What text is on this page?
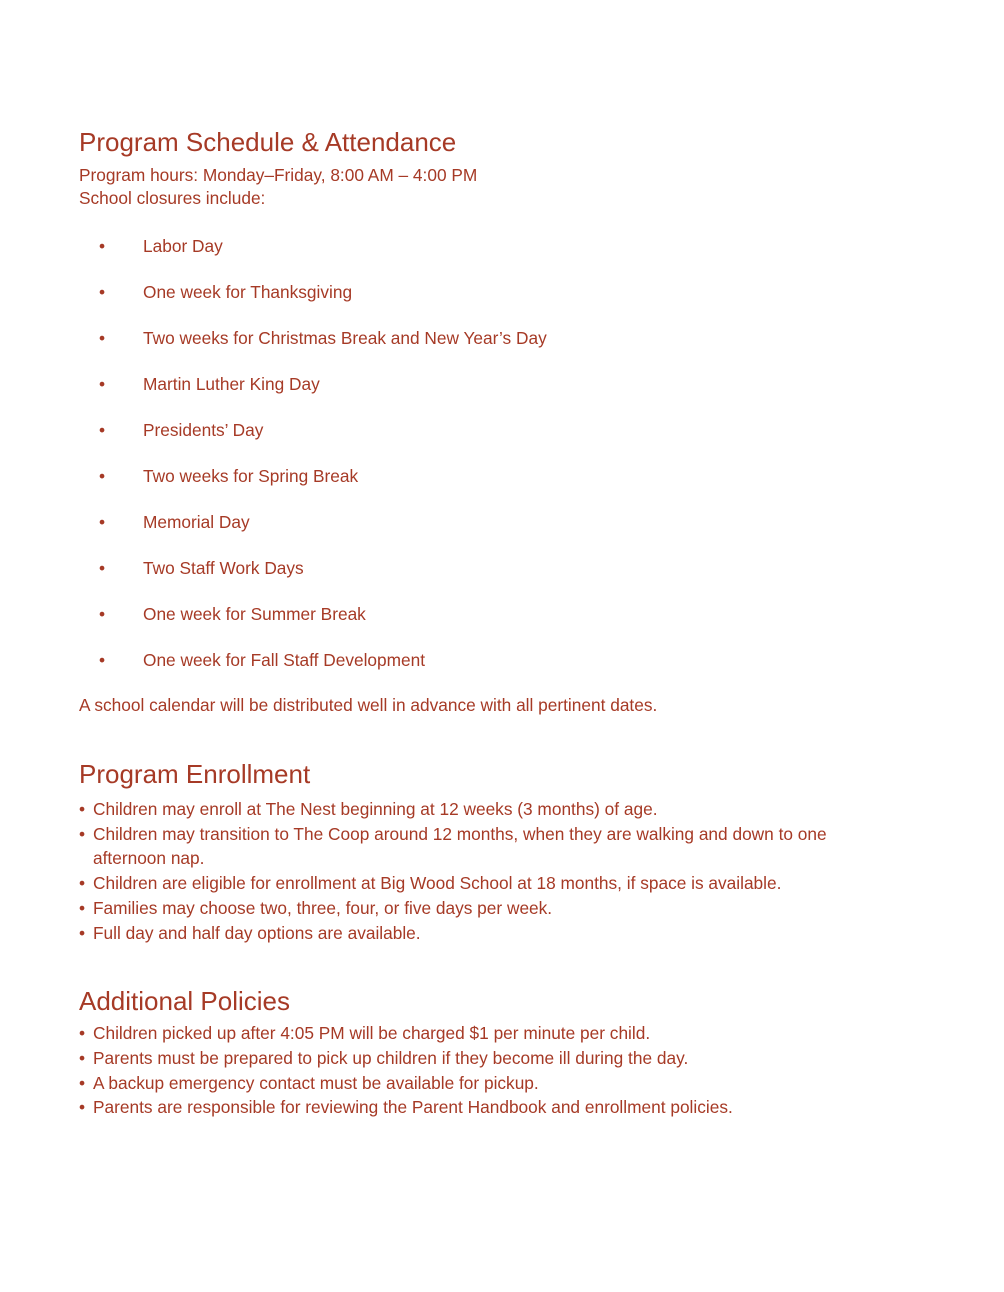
Program Schedule & Attendance

Program hours: Monday–Friday, 8:00 AM – 4:00 PM

School closures include:

•
Labor Day
•
One week for Thanksgiving
•
Two weeks for Christmas Break and New Year’s Day
•
Martin Luther King Day
•
Presidents’ Day
•
Two weeks for Spring Break
•
Memorial Day
•
Two Staff Work Days
•
One week for Summer Break
•
One week for Fall Staff Development

A school calendar will be distributed well in advance with all pertinent dates.

Program Enrollment
•
Children may enroll at The Nest beginning at 12 weeks (3 months) of age.
•
Children may transition to The Coop around 12 months, when they are walking and down to one afternoon nap.
•
Children are eligible for enrollment at Big Wood School at 18 months, if space is available.
•
Families may choose two, three, four, or five days per week.
•
Full day and half day options are available.
Additional Policies
•
Children picked up after 4:05 PM will be charged $1 per minute per child.
•
Parents must be prepared to pick up children if they become ill during the day.
•
A backup emergency contact must be available for pickup.
•
Parents are responsible for reviewing the Parent Handbook and enrollment policies.
